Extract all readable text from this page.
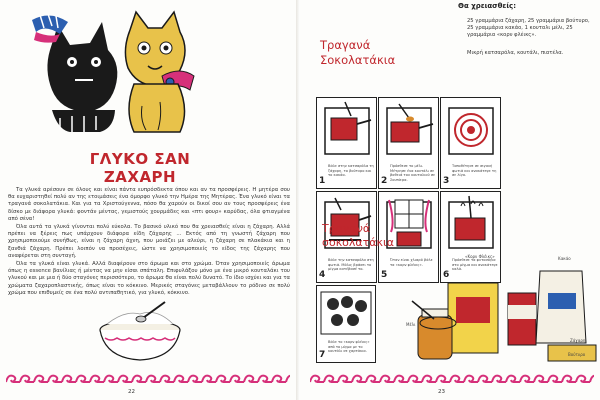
ΓΛΥΚΟ ΣΑΝ
ΖΑΧΑΡΗ

Τα γλυκά αρέσουν σε όλους και είναι πάντα ευπρόσδεκτα όπου και αν τα προσφέρεις. Η μητέρα σου θα ευχαριστηθεί πολύ αν της ετοιμάσεις ένα όμορφο γλυκό την Ημέρα της Μητέρας. Ένα γλυκό είναι τα τραγανά σοκολατάκια. Και για τα Χριστούγεννα, πόσο θα χαρούν οι δικοί σου αν τους προσφέρεις ένα δίσκο με διάφορα γλυκά: φοντάν μέντας, γεμιστούς χουρμάδες και «πτι φουρ» καρύδας, όλα φτιαγμένα από σένα!

Όλα αυτά τα γλυκά γίνονται πολύ εύκολα. Το βασικό υλικό που θα χρειασθείς είναι η ζάχαρη. Αλλά πρέπει να ξέρεις πως υπάρχουν διάφορα είδη ζάχαρης ... Εκτός από τη γνωστή ζάχαρη που χρησιμοποιούμε συνήθως, είναι η ζάχαρη άχνη, που μοιάζει με αλεύρι, η ζάχαρη σε πλακάκια και η ξανθιά ζάχαρη. Πρέπει λοιπόν να προσέχεις, ώστε να χρησιμοποιείς το είδος της ζάχαρης που αναφέρεται στη συνταγή.

Όλα τα γλυκά είναι γλυκά. Αλλά διαφέρουν στο άρωμα και στο χρώμα. Όταν χρησιμοποιείς άρωμα όπως η essence βανίλιας ή μέντας να μην είσαι σπάταλη. Επιφυλάξου μόνο με ένα μικρό κουταλάκι του γλυκού και με μια ή δύο σταγόνες περισσότερο, το άρωμα θα είναι πολύ δυνατό. Το ίδιο ισχύει και για τα χρώματα ζαχαροπλαστικής, όπως είναι το κόκκινο. Μερικές σταγόνες μεταβάλλουν το ρόδινο σε πολύ χρώμα που επιθυμείς σε ένα πολύ αντιπαθητικό, για γλυκό, κόκκινο.

Τραγανά
Σοκολατάκια
Θα χρειασθείς:
25 γραμμάρια ζάχαρη, 25 γραμμάρια βούτυρο, 25 γραμμάρια κακάο, 1 κουταλι μέλι, 25 γραμμάρια «κορν φλέικς».
Μικρή κατσαρόλα, κουτάλι, πιατέλα.
1
Βάλε στην κατσαρόλα τη ζάχαρη, το βούτυρο και το κακάο.
2
Πρόσθεσε το μέλι. Μέτρησε ένα κουτάλι σε βαθειά του κουταλιού σε Σουπίερα.	3
Τοποθέτησε σε σιγανή φωτιά και ανακάτεψε τη σε λίγο.
4
Βάλε την κατσαρόλα στη φωτιά. Μόλις βράσει το μίγμα κατέβασέ το.
5
Όταν είναι χλιαρό βάλε τα «κορν φλέικς».
6
Πρόσθεσε τα φυτοσόγια στο μίγμα και ανακάτεψε καλά.
Τραγανά
σοκολατάκια
7
Βάλε το «κορν φλέικς» από το μίγμα με το κουτάλι σε χαρτάκια.
«Κορν Φλέικς»	Κακάο
Μέλι
Ζάχαρη
Βούτυρο
22	23
